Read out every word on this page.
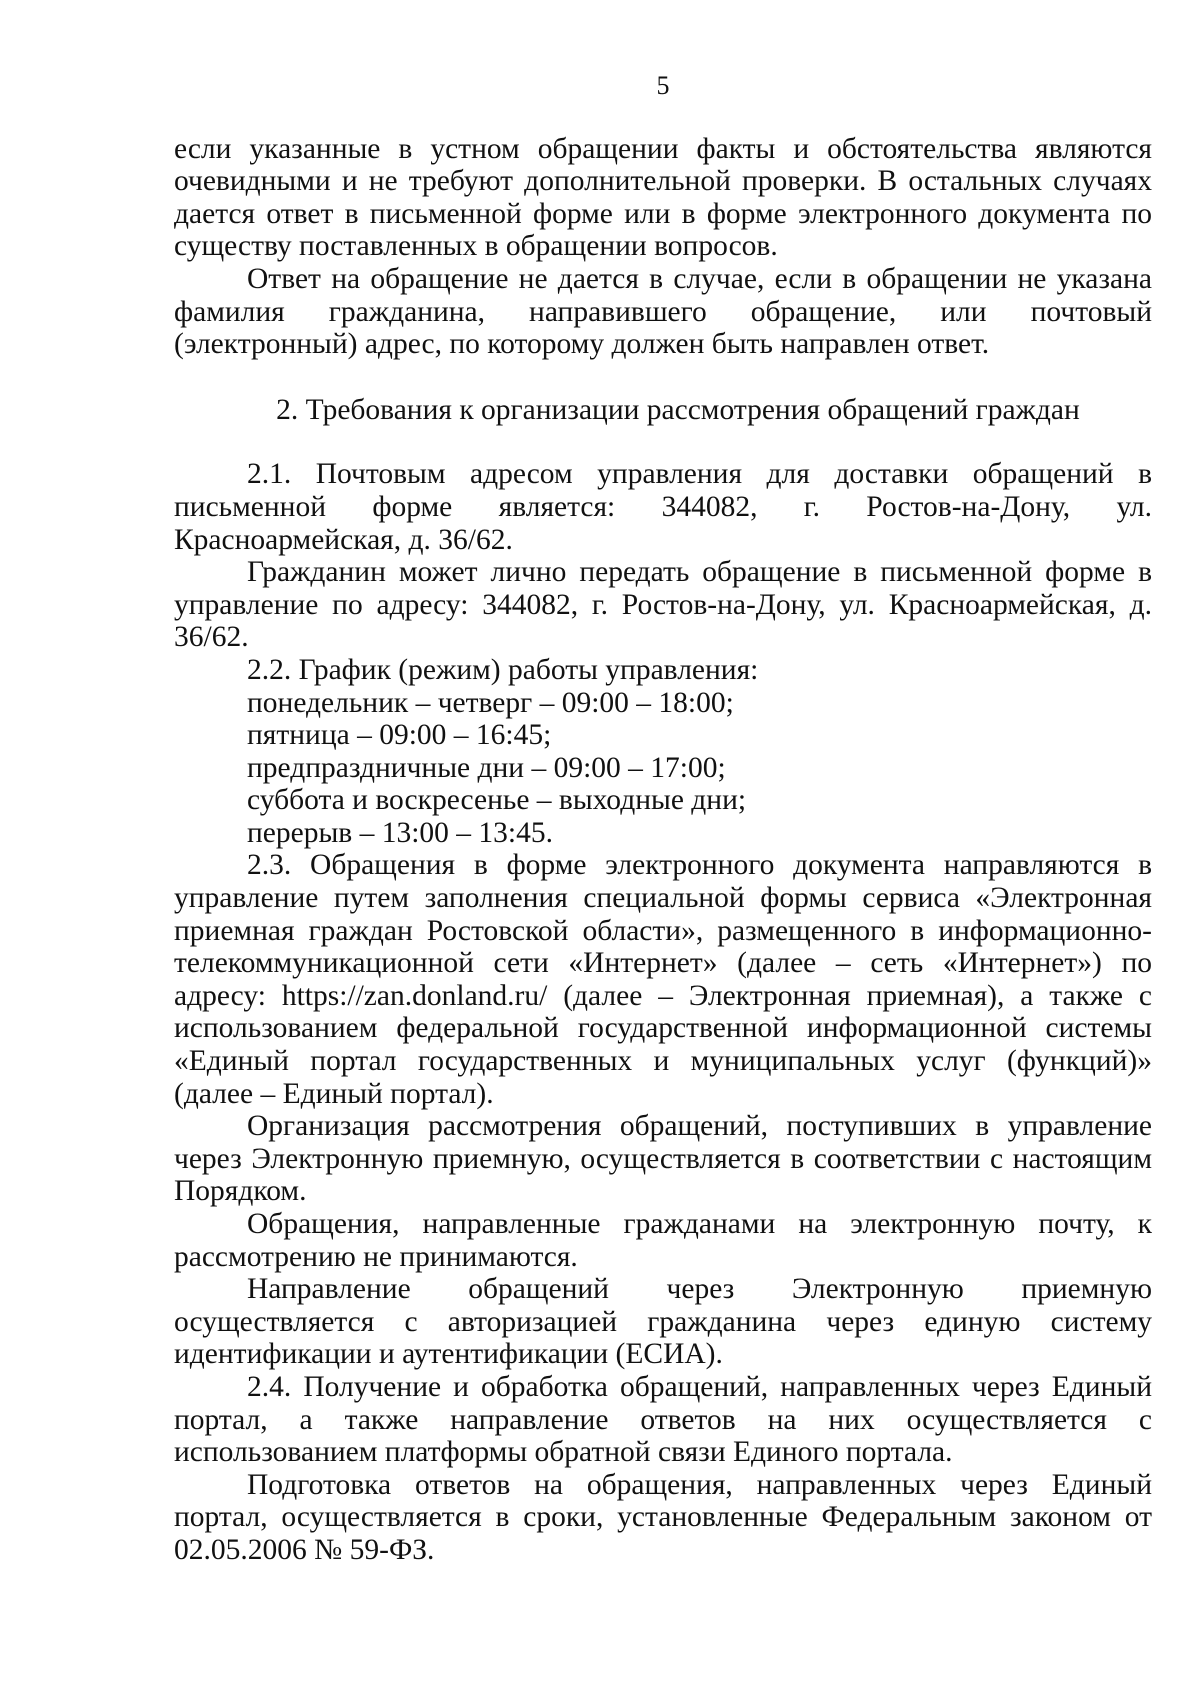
5

если указанные в устном обращении факты и обстоятельства являются очевидными и не требуют дополнительной проверки. В остальных случаях дается ответ в письменной форме или в форме электронного документа по существу поставленных в обращении вопросов.

Ответ на обращение не дается в случае, если в обращении не указана фамилия гражданина, направившего обращение, или почтовый (электронный) адрес, по которому должен быть направлен ответ.

2. Требования к организации рассмотрения обращений граждан

2.1. Почтовым адресом управления для доставки обращений в письменной форме является: 344082, г. Ростов-на-Дону, ул. Красноармейская, д. 36/62.

Гражданин может лично передать обращение в письменной форме в управление по адресу: 344082, г. Ростов-на-Дону, ул. Красноармейская, д. 36/62.

2.2. График (режим) работы управления:

понедельник – четверг – 09:00 – 18:00;

пятница – 09:00 – 16:45;

предпраздничные дни – 09:00 – 17:00;

суббота и воскресенье – выходные дни;

перерыв – 13:00 – 13:45.

2.3. Обращения в форме электронного документа направляются в управление путем заполнения специальной формы сервиса «Электронная приемная граждан Ростовской области», размещенного в информационно-телекоммуникационной сети «Интернет» (далее – сеть «Интернет») по адресу: https://zan.donland.ru/ (далее – Электронная приемная), а также с использованием федеральной государственной информационной системы «Единый портал государственных и муниципальных услуг (функций)» (далее – Единый портал).

Организация рассмотрения обращений, поступивших в управление через Электронную приемную, осуществляется в соответствии с настоящим Порядком.

Обращения, направленные гражданами на электронную почту, к рассмотрению не принимаются.

Направление обращений через Электронную приемную осуществляется с авторизацией гражданина через единую систему идентификации и аутентификации (ЕСИА).

2.4. Получение и обработка обращений, направленных через Единый портал, а также направление ответов на них осуществляется с использованием платформы обратной связи Единого портала.

Подготовка ответов на обращения, направленных через Единый портал, осуществляется в сроки, установленные Федеральным законом от 02.05.2006 № 59-ФЗ.
